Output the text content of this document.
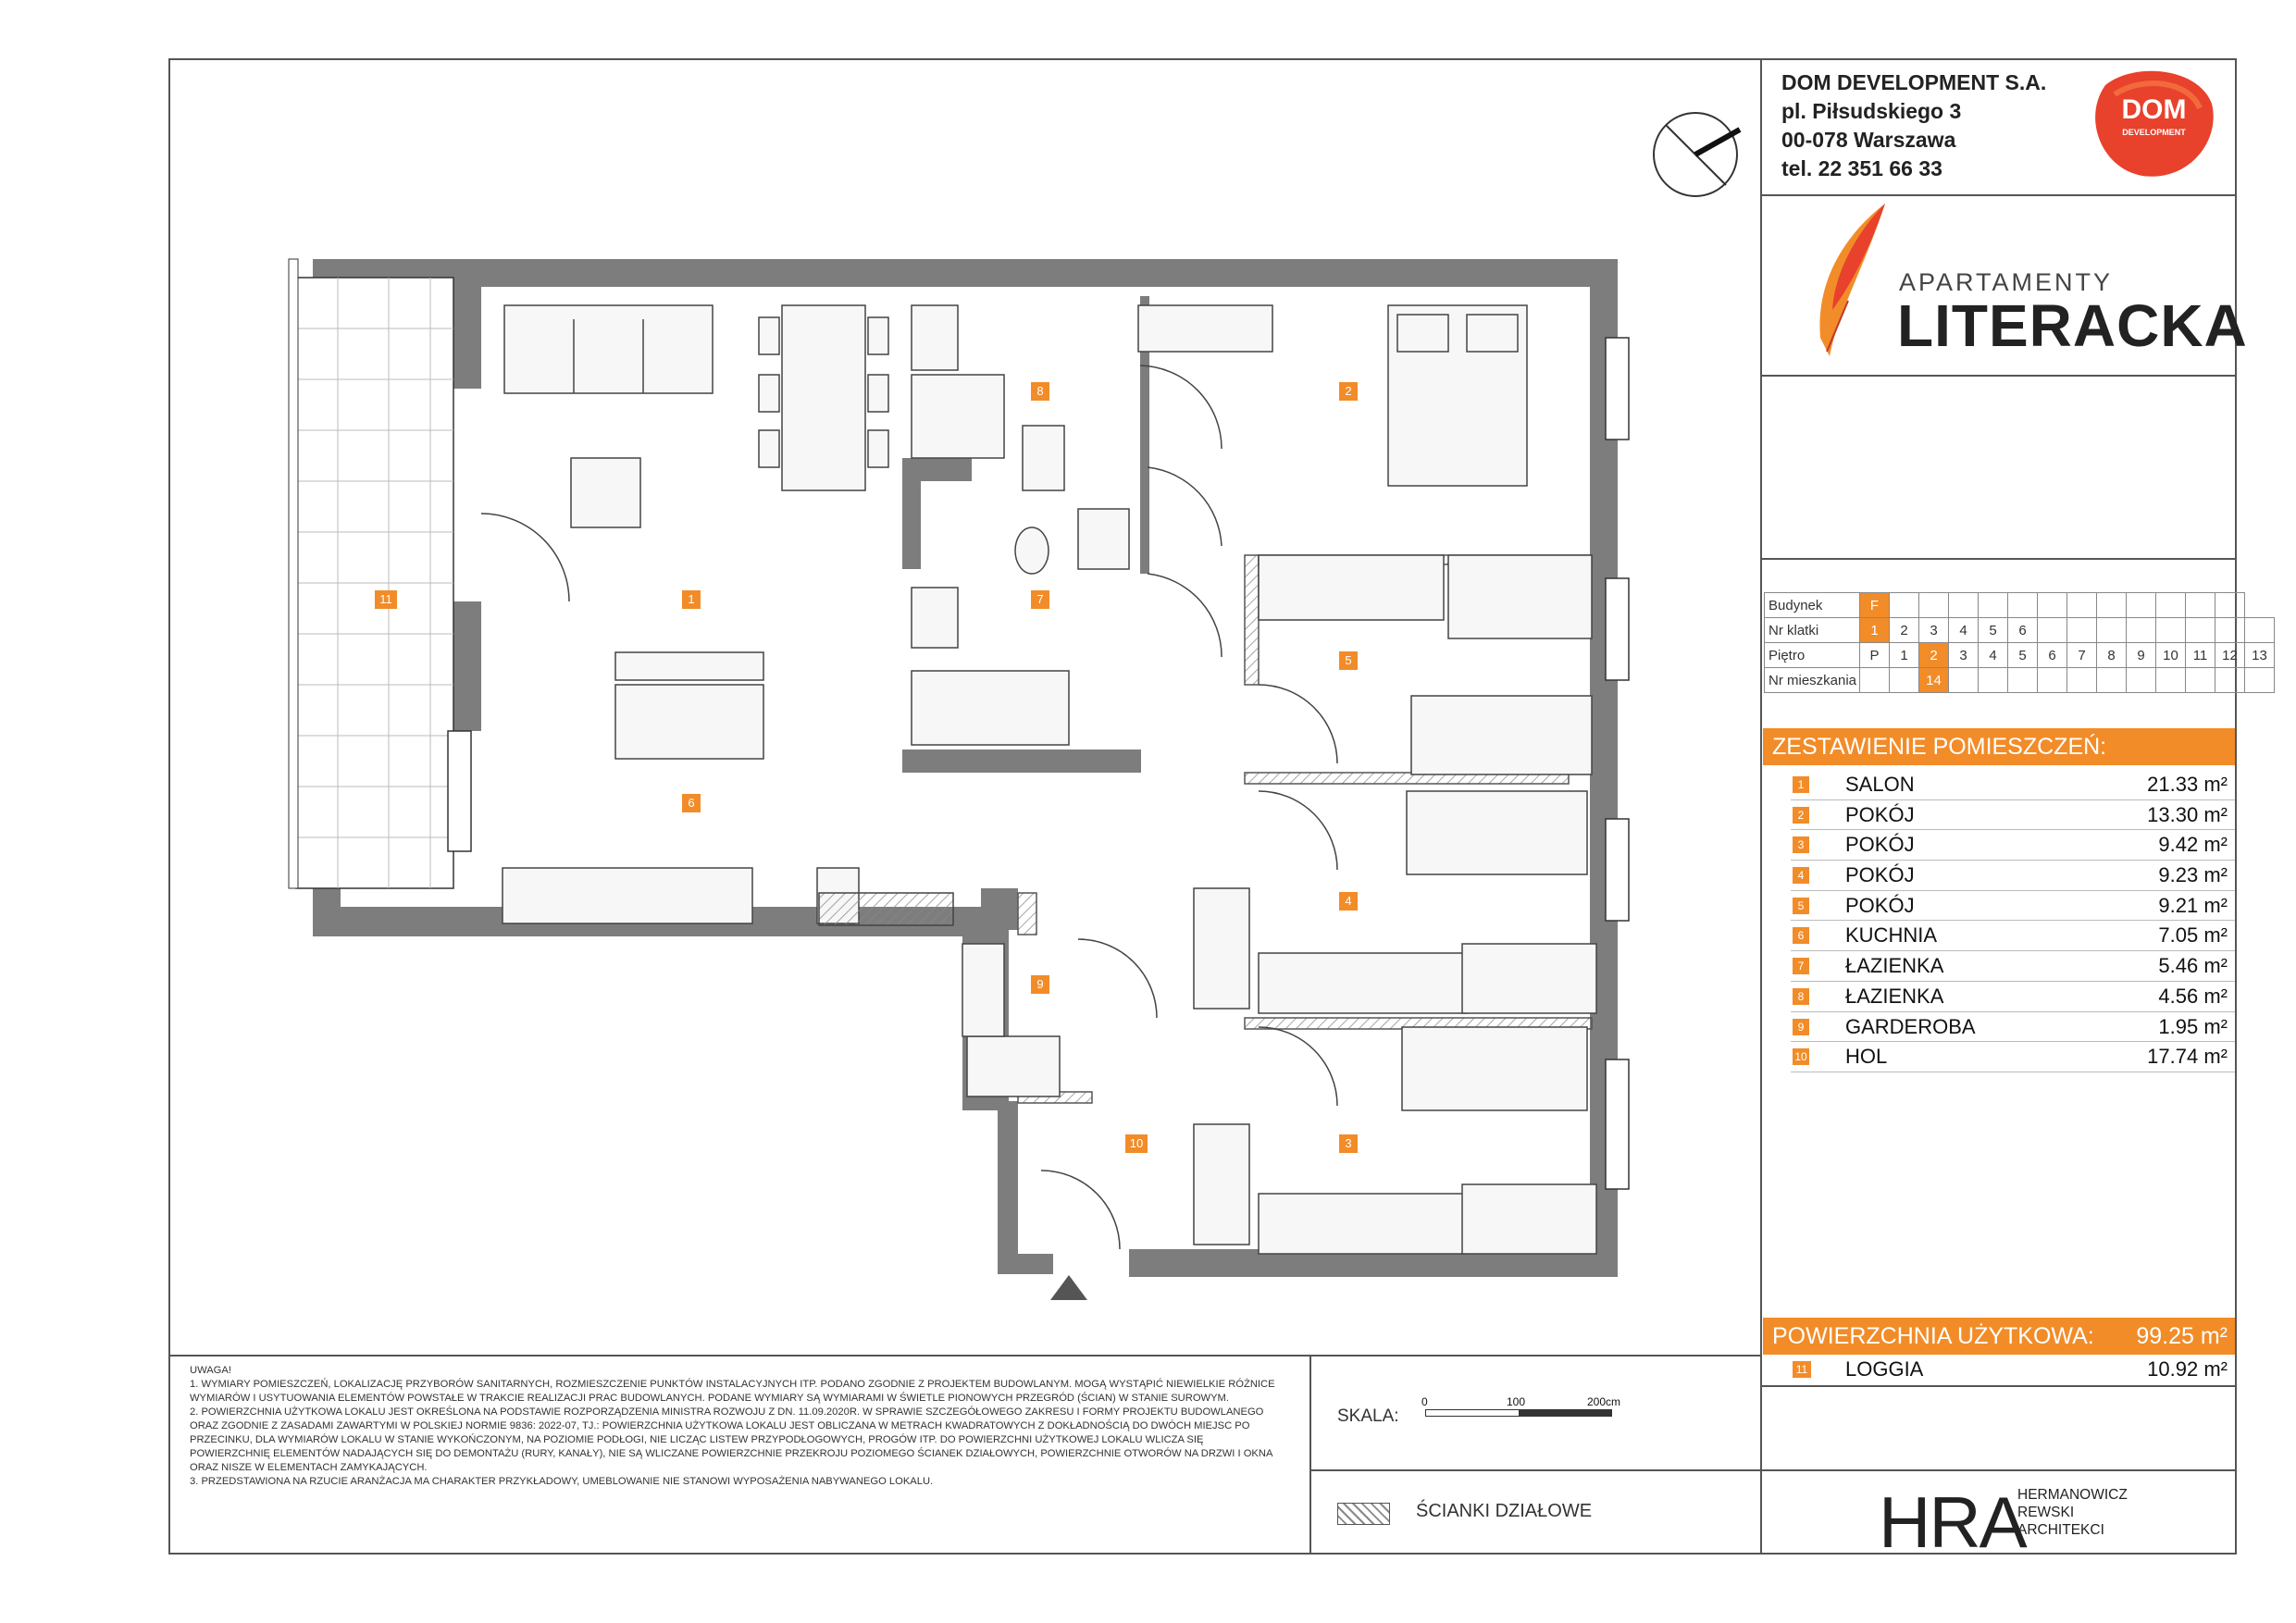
1
2
3
4
5
6
7
8
9
10
11
DOM DEVELOPMENT S.A.
pl. Piłsudskiego 3
00-078 Warszawa
tel. 22 351 66 33
DOM
DEVELOPMENT
APARTAMENTY
LITERACKA
Budynek	F													
Nr klatki	1	2	3	4	5	6								
Piętro	P	1	2	3	4	5	6	7	8	9	10	11	12	13
Nr mieszkania			14											
ZESTAWIENIE POMIESZCZEŃ:
1 SALON	21.33 m²
2 POKÓJ	13.30 m²
3 POKÓJ	9.42 m²
4 POKÓJ	9.23 m²
5 POKÓJ	9.21 m²
6 KUCHNIA	7.05 m²
7 ŁAZIENKA	5.46 m²
8 ŁAZIENKA	4.56 m²
9 GARDEROBA	1.95 m²
10 HOL	17.74 m²
POWIERZCHNIA UŻYTKOWA: 99.25 m²
11 LOGGIA	10.92 m²

UWAGA!

1. WYMIARY POMIESZCZEŃ, LOKALIZACJĘ PRZYBORÓW SANITARNYCH, ROZMIESZCZENIE PUNKTÓW INSTALACYJNYCH ITP. PODANO ZGODNIE Z PROJEKTEM BUDOWLANYM. MOGĄ WYSTĄPIĆ NIEWIELKIE RÓŻNICE WYMIARÓW I USYTUOWANIA ELEMENTÓW POWSTAŁE W TRAKCIE REALIZACJI PRAC BUDOWLANYCH. PODANE WYMIARY SĄ WYMIARAMI W ŚWIETLE PIONOWYCH PRZEGRÓD (ŚCIAN) W STANIE SUROWYM.

2. POWIERZCHNIA UŻYTKOWA LOKALU JEST OKREŚLONA NA PODSTAWIE ROZPORZĄDZENIA MINISTRA ROZWOJU Z DN. 11.09.2020R. W SPRAWIE SZCZEGÓŁOWEGO ZAKRESU I FORMY PROJEKTU BUDOWLANEGO ORAZ ZGODNIE Z ZASADAMI ZAWARTYMI W POLSKIEJ NORMIE 9836: 2022-07, TJ.: POWIERZCHNIA UŻYTKOWA LOKALU JEST OBLICZANA W METRACH KWADRATOWYCH Z DOKŁADNOŚCIĄ DO DWÓCH MIEJSC PO PRZECINKU, DLA WYMIARÓW LOKALU W STANIE WYKOŃCZONYM, NA POZIOMIE PODŁOGI, NIE LICZĄC LISTEW PRZYPODŁOGOWYCH, PROGÓW ITP. DO POWIERZCHNI UŻYTKOWEJ LOKALU WLICZA SIĘ POWIERZCHNIĘ ELEMENTÓW NADAJĄCYCH SIĘ DO DEMONTAŻU (RURY, KANAŁY), NIE SĄ WLICZANE POWIERZCHNIE PRZEKROJU POZIOMEGO ŚCIANEK DZIAŁOWYCH, POWIERZCHNIE OTWORÓW NA DRZWI I OKNA ORAZ NISZE W ELEMENTACH ZAMYKAJĄCYCH.

3. PRZEDSTAWIONA NA RZUCIE ARANŻACJA MA CHARAKTER PRZYKŁADOWY, UMEBLOWANIE NIE STANOWI WYPOSAŻENIA NABYWANEGO LOKALU.

SKALA:
0	100	200cm
ŚCIANKI DZIAŁOWE	HRA
HERMANOWICZ
REWSKI
ARCHITEKCI
